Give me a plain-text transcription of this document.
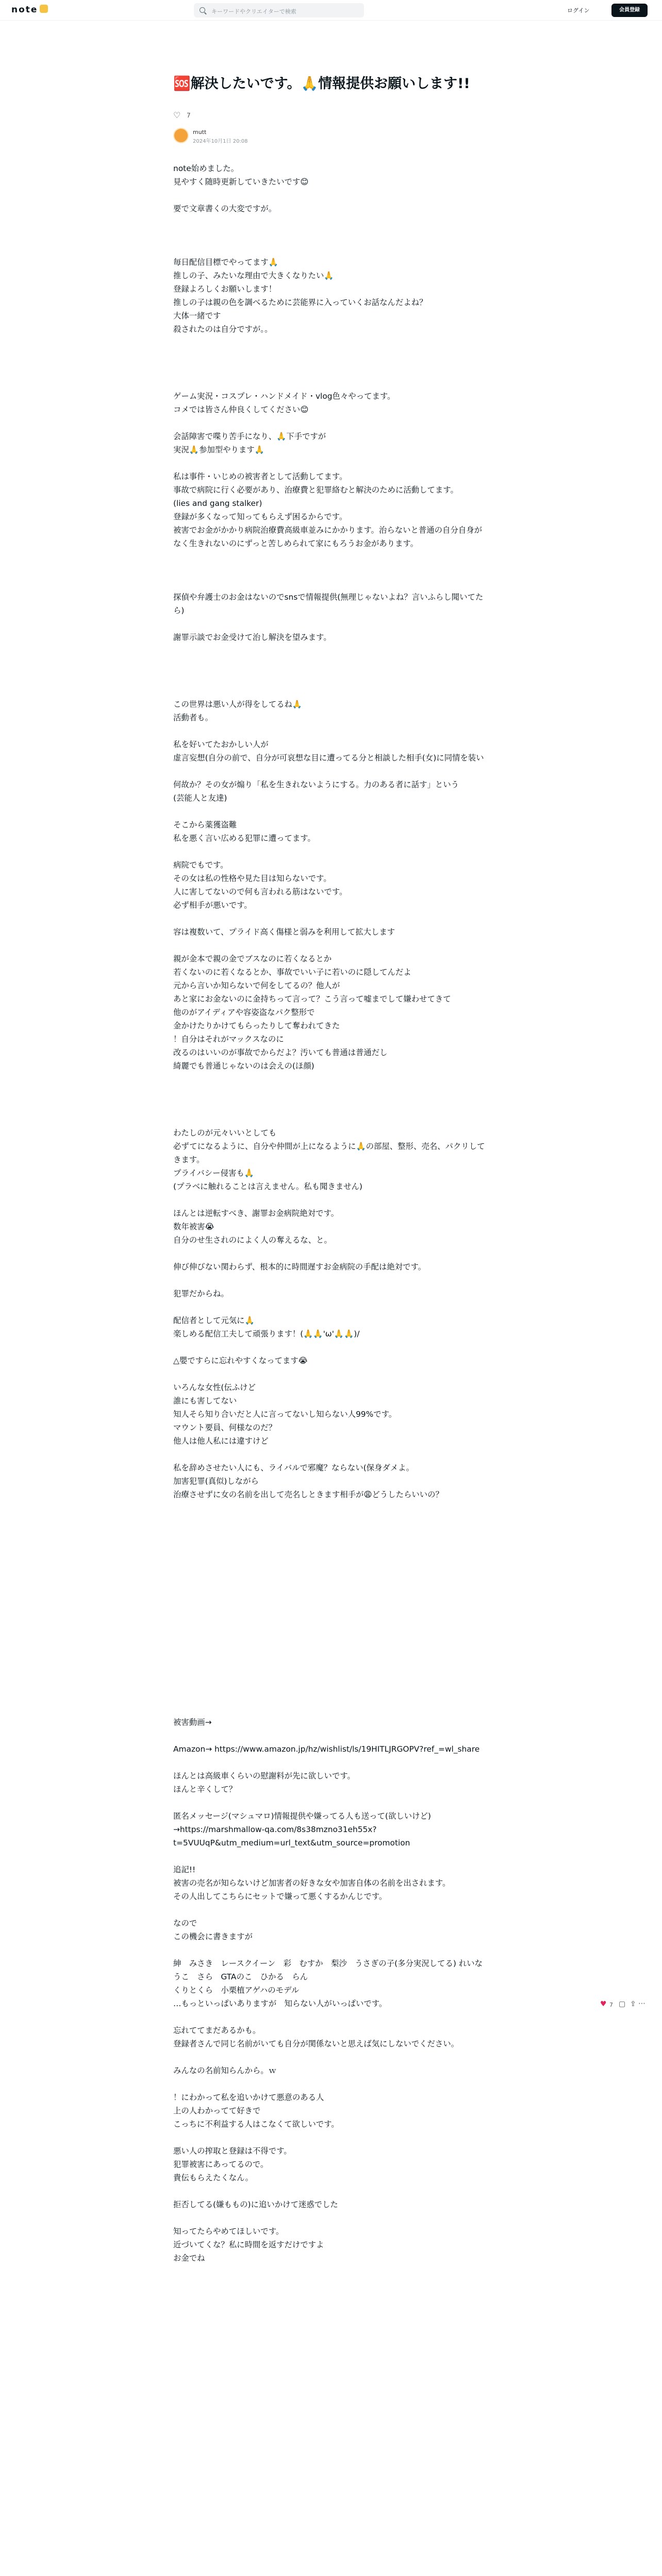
note	キーワードやクリエイターで検索	ログイン	会員登録
🆘解決したいです。🙏情報提供お願いします!!
♡ 7
mutt
2024年10月1日 20:08

note始めました。

見やすく随時更新していきたいです😊

要で文章書くの大変ですが。

毎日配信目標でやってます🙏

推しの子、みたいな理由で大きくなりたい🙏

登録よろしくお願いします！

推しの子は親の色を調べるために芸能界に入っていくお話なんだよね？

大体一緒です

殺されたのは自分ですが。。

ゲーム実況・コスプレ・ハンドメイド・vlog色々やってます。

コメでは皆さん仲良くしてください😊

会話障害で喋り苦手になり、🙏下手ですが

実況🙏参加型やります🙏

私は事件・いじめの被害者として活動してます。

事故で病院に行く必要があり、治療費と犯罪絡むと解決のために活動してます。

(lies and gang stalker)

登録が多くなって知ってもらえず困るからです。

被害でお金がかかり病院治療費高級車並みにかかります。治らないと普通の自分自身がなく生きれないのにずっと苦しめられて家にもろうお金があります。

探偵や弁護士のお金はないのでsnsで情報提供(無理じゃないよね？言いふらし聞いてたら)

謝罪示談でお金受けて治し解決を望みます。

この世界は悪い人が得をしてるね🙏

活動者も。

私を好いてたおかしい人が

虚言妄想(自分の前で、自分が可哀想な目に遭ってる分と相談した相手(女)に同情を装い

何故か？その女が煽り「私を生きれないようにする。力のある者に話す」という

(芸能人と友達)

そこから薬獲盗難

私を悪く言い広める犯罪に遭ってます。

病院でもです。

その女は私の性格や見た目は知らないです。

人に害してないので何も言われる筋はないです。

必ず相手が悪いです。

容は複数いて、プライド高く傷様と弱みを利用して拡大します

親が金本で親の金でブスなのに若くなるとか

若くないのに若くなるとか、事故でいい子に若いのに隠してんだよ

元から言いか知らないで何をしてるの？他人が

あと家にお金ないのに金持ちって言って？こう言って嘘までして嫌わせてきて

他のがアイディアや容姿盗なパク整形で

金かけたりかけてもらったりして奪われてきた

！自分はそれがマックスなのに

改るのはいいのが事故でからだよ？汚いても普通は普通だし

綺麗でも普通じゃないのは会えの(ほ顔)

わたしのが元々いいとしても

必ずてになるように、自分や仲間が上になるように🙏の部屋、整形、売名、パクリしてきます。

プライバシー侵害も🙏

(プラベに触れることは言えません。私も聞きません)

ほんとは逆転すべき、謝罪お金病院絶対です。

数年被害😭

自分のせ生されのによく人の奪えるな、と。

伸び伸びない関わらず、根本的に時間遅すお金病院の手配は絶対です。

犯罪だからね。

配信者として元気に🙏

楽しめる配信工夫して頑張ります！(🙏🙏'ω'🙏🙏)/

△嬰ですらに忘れやすくなってます😭

いろんな女性(伝ふけど

誰にも害してない

知人そら知り合いだと人に言ってないし知らない人99%です。

マウント要員、何様なのだ？

他人は他人私には違すけど

私を辞めさせたい人にも、ライバルで邪魔？ならない(保身ダメよ。

加害犯罪(真似)しながら

治療させずに女の名前を出して売名しときます相手が😩どうしたらいいの？

被害動画→

Amazon→ https://www.amazon.jp/hz/wishlist/ls/19HITLJRGOPV?ref_=wl_share

ほんとは高級車くらいの慰謝料が先に欲しいです。

ほんと辛くして？

匿名メッセージ(マシュマロ)情報提供や嫌ってる人も送って(欲しいけど)

→https://marshmallow-qa.com/8s38mzno31eh55x?t=5VUUqP&utm_medium=url_text&utm_source=promotion

追記!!

被害の売名が知らないけど加害者の好きな女や加害自体の名前を出されます。

その人出してこちらにセットで嫌って悪くするかんじです。

なので

この機会に書きますが

紳　みさき　レースクイーン　彩　むすか　梨沙　うさぎの子(多分実況してる) れいな

うこ　さら　GTAのこ　ひかる　らん

くりとくら　小栗植アゲハのモデル

…もっといっぱいありますが　知らない人がいっぱいです。

忘れててまだあるかも。

登録者さんで同じ名前がいても自分が関係ないと思えば気にしないでください。

みんなの名前知らんから。ｗ

！にわかって私を追いかけて悪意のある人

上の人わかってて好きで

こっちに不利益する人はこなくて欲しいです。

悪い人の搾取と登録は不得です。

犯罪被害にあってるので。

貴伝もらえたくなん。

拒否してる(嫌ももの)に追いかけて迷惑でした

知ってたらやめてほしいです。

近づいてくな？私に時間を返すだけですよ

お金でね

♥ 7 ▢ ⇪ ⋯
